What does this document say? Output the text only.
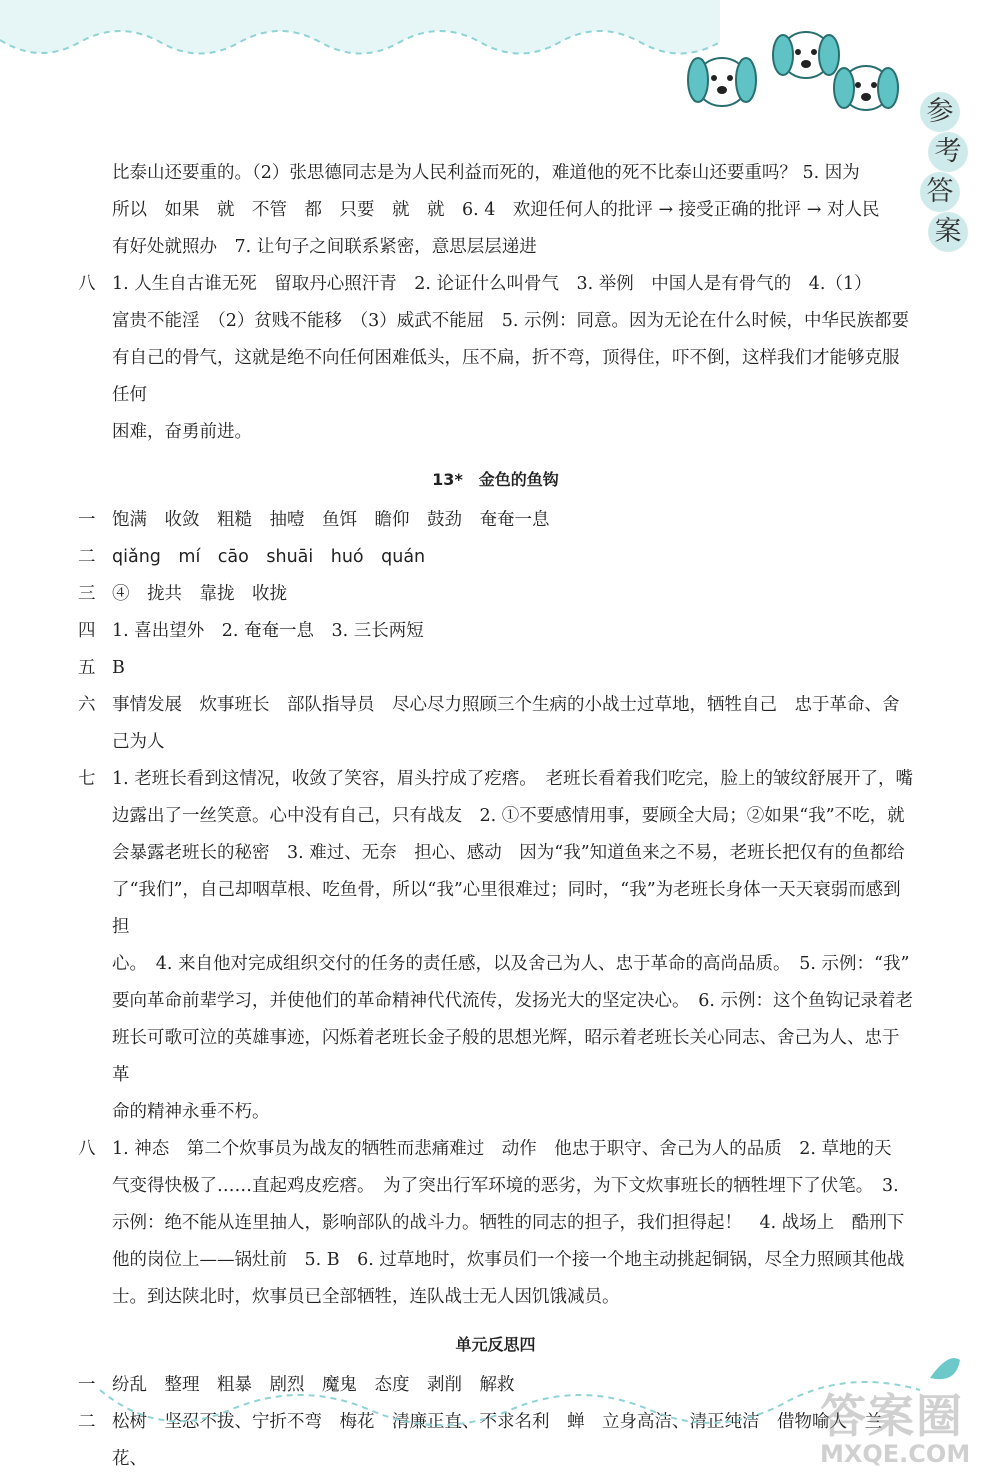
参
考
答
案
比泰山还要重的。（2）张思德同志是为人民利益而死的，难道他的死不比泰山还要重吗？ 5. 因为
所以　如果　就　不管　都　只要　就　就　6. 4　欢迎任何人的批评 → 接受正确的批评 → 对人民
有好处就照办　7. 让句子之间联系紧密，意思层层递进
八 1. 人生自古谁无死　留取丹心照汗青　2. 论证什么叫骨气　3. 举例　中国人是有骨气的　4.（1）
富贵不能淫　（2）贫贱不能移　（3）威武不能屈　5. 示例：同意。因为无论在什么时候，中华民族都要
有自己的骨气，这就是绝不向任何困难低头，压不扁，折不弯，顶得住，吓不倒，这样我们才能够克服任何
困难，奋勇前进。
13*　金色的鱼钩
一 饱满　收敛　粗糙　抽噎　鱼饵　瞻仰　鼓劲　奄奄一息
二 qiǎng　mí　cāo　shuāi　huó　quán
三 ④　拢共　靠拢　收拢
四 1. 喜出望外　2. 奄奄一息　3. 三长两短
五 B
六 事情发展　炊事班长　部队指导员　尽心尽力照顾三个生病的小战士过草地，牺牲自己　忠于革命、舍
己为人
七 1. 老班长看到这情况，收敛了笑容，眉头拧成了疙瘩。　老班长看着我们吃完，脸上的皱纹舒展开了，嘴
边露出了一丝笑意。心中没有自己，只有战友　2. ①不要感情用事，要顾全大局；②如果“我”不吃，就
会暴露老班长的秘密　3. 难过、无奈　担心、感动　因为“我”知道鱼来之不易，老班长把仅有的鱼都给
了“我们”，自己却咽草根、吃鱼骨，所以“我”心里很难过；同时，“我”为老班长身体一天天衰弱而感到担
心。　4. 来自他对完成组织交付的任务的责任感，以及舍己为人、忠于革命的高尚品质。　5. 示例：“我”
要向革命前辈学习，并使他们的革命精神代代流传，发扬光大的坚定决心。　6. 示例：这个鱼钩记录着老
班长可歌可泣的英雄事迹，闪烁着老班长金子般的思想光辉，昭示着老班长关心同志、舍己为人、忠于革
命的精神永垂不朽。
八 1. 神态　第二个炊事员为战友的牺牲而悲痛难过　动作　他忠于职守、舍己为人的品质　2. 草地的天
气变得快极了……直起鸡皮疙瘩。　为了突出行军环境的恶劣，为下文炊事班长的牺牲埋下了伏笔。　3.
示例：绝不能从连里抽人，影响部队的战斗力。牺牲的同志的担子，我们担得起！　4. 战场上　酷刑下
他的岗位上——锅灶前　5. B　6. 过草地时，炊事员们一个接一个地主动挑起铜锅，尽全力照顾其他战
士。到达陕北时，炊事员已全部牺牲，连队战士无人因饥饿减员。
单元反思四
一 纷乱　整理　粗暴　剧烈　魔鬼　态度　剥削　解救
二 松树　坚忍不拔、宁折不弯　梅花　清廉正直、不求名利　蝉　立身高洁、清正纯洁　借物喻人　兰花、
答案圈
MXQE.COM
